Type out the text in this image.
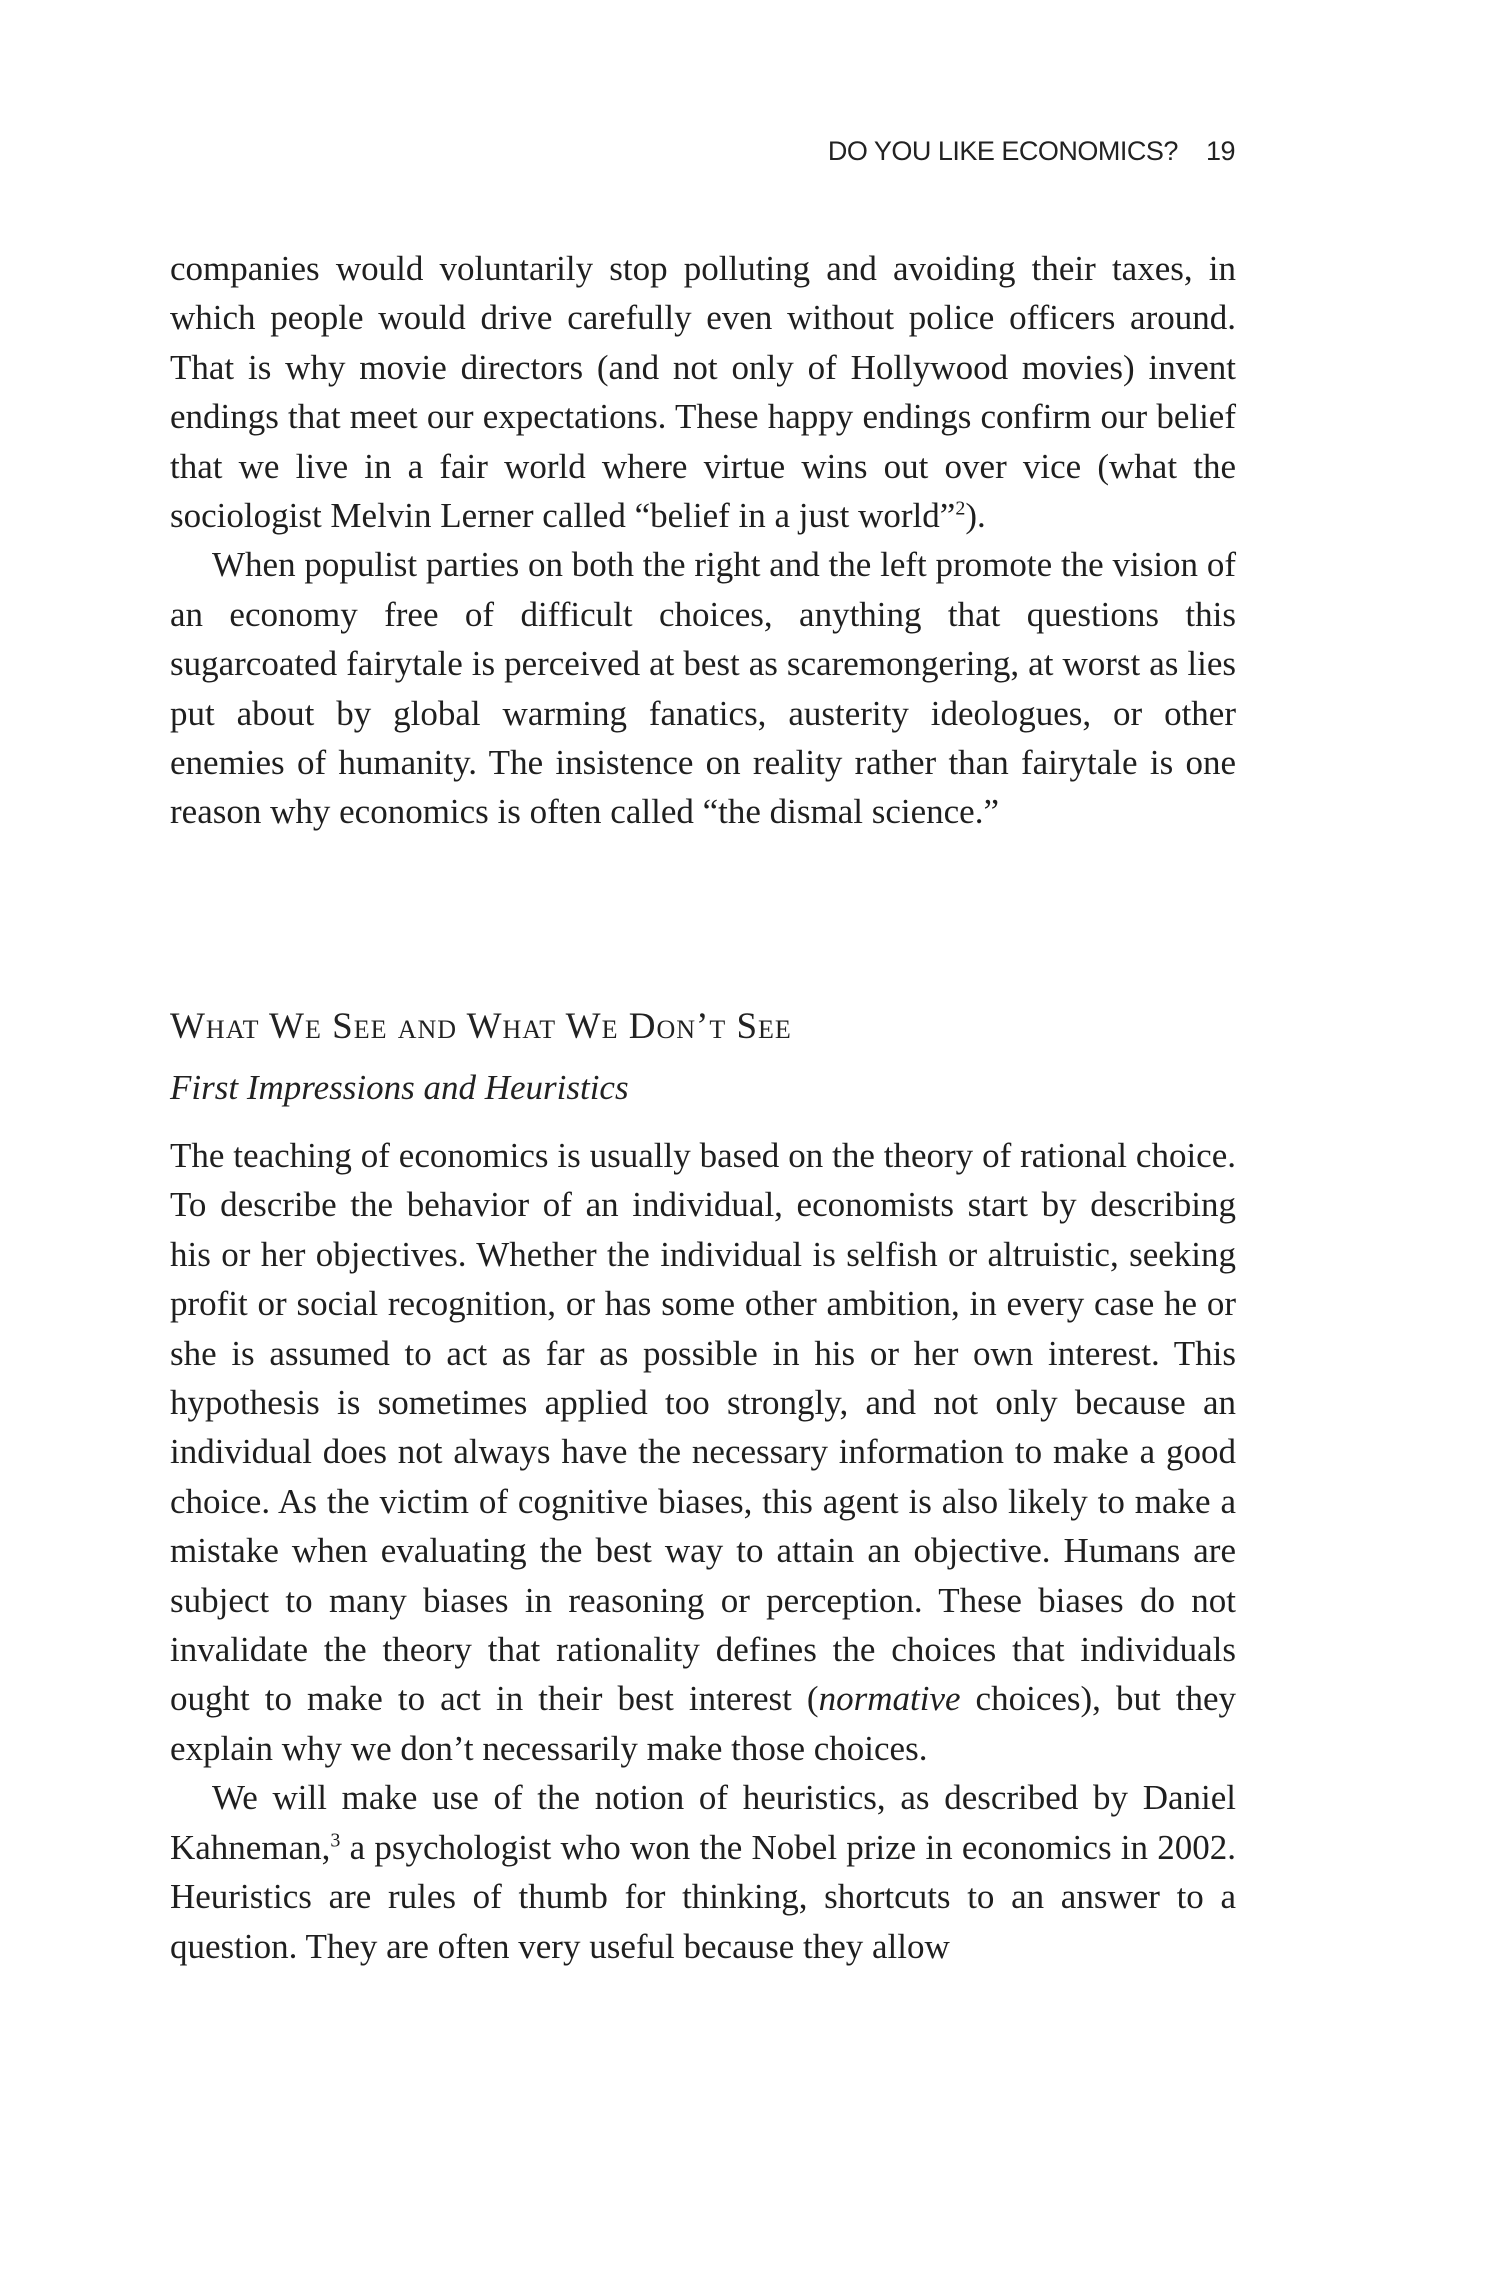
DO YOU LIKE ECONOMICS? 19

companies would voluntarily stop polluting and avoiding their taxes, in which people would drive carefully even without police officers around. That is why movie directors (and not only of Hollywood movies) invent endings that meet our expectations. These happy endings confirm our belief that we live in a fair world where virtue wins out over vice (what the sociologist Melvin Lerner called “belief in a just world”$^2$).

When populist parties on both the right and the left promote the vision of an economy free of difficult choices, anything that questions this sugarcoated fairytale is perceived at best as scaremongering, at worst as lies put about by global warming fanatics, austerity ideologues, or other enemies of humanity. The insistence on reality rather than fairytale is one reason why economics is often called “the dismal science.”

What We See and What We Don’t See
First Impressions and Heuristics

The teaching of economics is usually based on the theory of rational choice. To describe the behavior of an individual, economists start by describing his or her objectives. Whether the individual is selfish or altruistic, seeking profit or social recognition, or has some other ambition, in every case he or she is assumed to act as far as possible in his or her own interest. This hypothesis is sometimes applied too strongly, and not only because an individual does not always have the necessary information to make a good choice. As the victim of cognitive biases, this agent is also likely to make a mistake when evaluating the best way to attain an objective. Humans are subject to many biases in reasoning or perception. These biases do not invalidate the theory that rationality defines the choices that individuals ought to make to act in their best interest (normative choices), but they explain why we don’t necessarily make those choices.

We will make use of the notion of heuristics, as described by Daniel Kahneman,$^3$ a psychologist who won the Nobel prize in economics in 2002. Heuristics are rules of thumb for thinking, shortcuts to an answer to a question. They are often very useful because they allow
